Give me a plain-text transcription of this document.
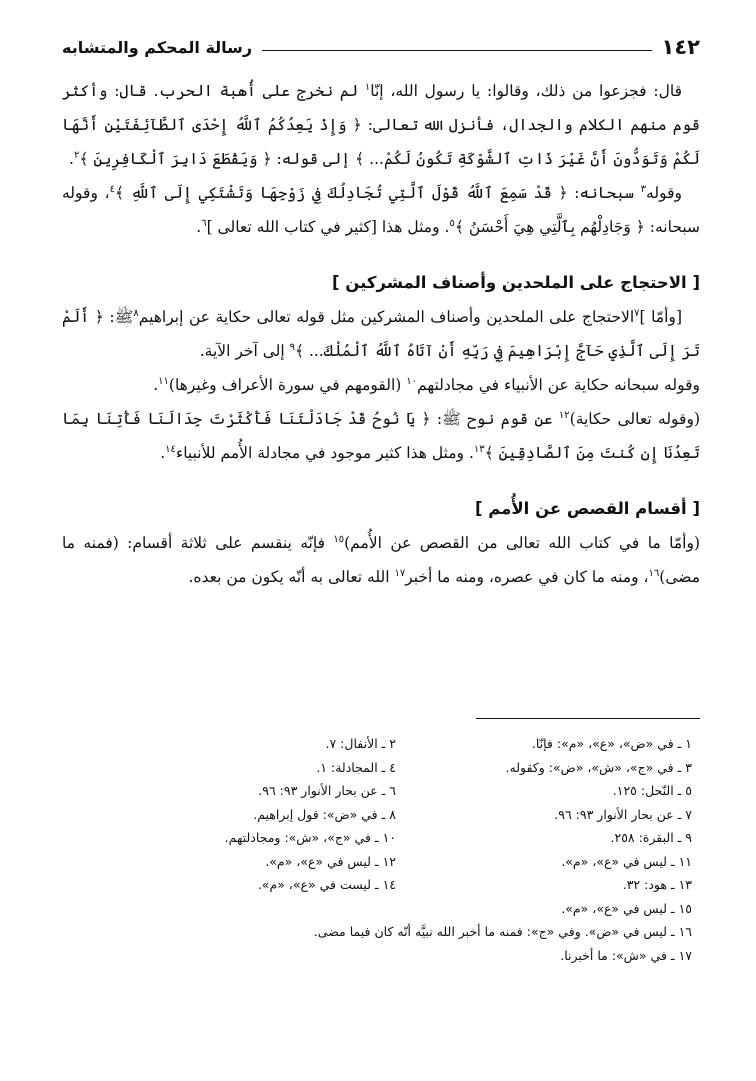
١٤٢
رسالة المحكم والمتشابه

قال: فجزعوا من ذلك، وقالوا: يا رسول الله، إنّا$^١$ لم نخرج على أُهبة الحرب. قال: وأكثر قوم منهم الكلام والجدال، فأنزل الله تعالى: ﴿ وَإِذْ يَعِدُكُمُ ٱللَّهُ إِحْدَى ٱلطَّآئِفَتَيْنِ أَنَّهَا لَكُمْ وَتَوَدُّونَ أَنَّ غَيْرَ ذَاتِ ٱلشَّوْكَةِ تَكُونُ لَكُمْ... ﴾ إلى قوله: ﴿ وَيَقْطَعَ دَابِرَ ٱلْكَافِرِينَ ﴾$^٢$.

وقوله$^٣$ سبحانه: ﴿ قَدْ سَمِعَ ٱللَّهُ قَوْلَ ٱلَّتِي تُجَادِلُكَ فِي زَوْجِهَا وَتَشْتَكِي إِلَى ٱللَّهِ ﴾$^٤$، وقوله سبحانه: ﴿ وَجَادِلْهُم بِٱلَّتِي هِيَ أَحْسَنُ ﴾$^٥$. ومثل هذا [كثير في كتاب الله تعالى ]$^٦$.

[ الاحتجاج على الملحدين وأصناف المشركين ]

[وأمّا ]$^٧$الاحتجاج على الملحدين وأصناف المشركين مثل قوله تعالى حكاية عن إبراهيم$^٨$ﷺ: ﴿ أَلَمْ تَرَ إِلَى ٱلَّذِي حَآجَّ إِبْرَاهِيمَ فِي رَبِّهِ أَنْ آتَاهُ ٱللَّهُ ٱلْمُلْكَ... ﴾$^٩$ إلى آخر الآية.

وقوله سبحانه حكاية عن الأنبياء في مجادلتهم$^{١٠}$ (القومهم في سورة الأعراف وغيرها)$^{١١}$.

(وقوله تعالى حكاية)$^{١٢}$ عن قوم نوح ﷺ: ﴿ يَا نُوحُ قَدْ جَادَلْتَنَا فَأَكْثَرْتَ جِدَالَنَا فَأْتِنَا بِمَا تَعِدُنَا إِن كُنتَ مِنَ ٱلصَّادِقِينَ ﴾$^{١٣}$. ومثل هذا كثير موجود في مجادلة الأُمم للأنبياء$^{١٤}$.

[ أقسام القصص عن الأُمم ]

(وأمّا ما في كتاب الله تعالى من القصص عن الأُمم)$^{١٥}$ فإنّه ينقسم على ثلاثة أقسام: (فمنه ما مضى)$^{١٦}$، ومنه ما كان في عصره، ومنه ما أخبر$^{١٧}$ الله تعالى به أنّه يكون من بعده.

١ ـ في «ض»، «ع»، «م»: فإنّا.
٢ ـ الأنفال: ٧.
٣ ـ في «ج»، «ش»، «ض»: وكقوله.
٤ ـ المجادلة: ١.
٥ ـ النّحل: ١٢٥.
٦ ـ عن بحار الأنوار ٩٣: ٩٦.
٧ ـ عن بحار الأنوار ٩٣: ٩٦.
٨ ـ في «ض»: قول إبراهيم.
٩ ـ البقرة: ٢٥٨.
١٠ ـ في «ج»، «ش»: ومجادلتهم.
١١ ـ ليس في «ع»، «م».
١٢ ـ ليس في «ع»، «م».
١٣ ـ هود: ٣٢.
١٤ ـ ليست في «ع»، «م».
١٥ ـ ليس في «ع»، «م».
١٦ ـ ليس في «ض». وفي «ج»: فمنه ما أخبر الله نبيَّه أنّه كان فيما مضى.
١٧ ـ في «ش»: ما أخبرنا.
